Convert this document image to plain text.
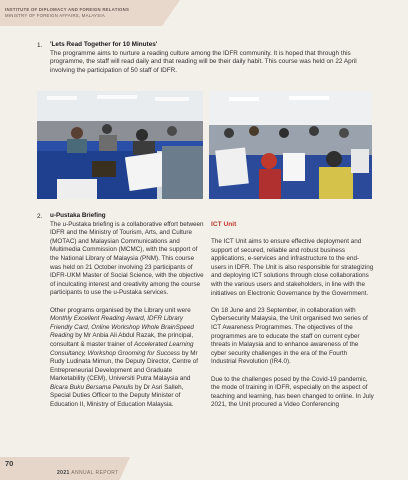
INSTITUTE OF DIPLOMACY AND FOREIGN RELATIONS
MINISTRY OF FOREIGN AFFAIRS, MALAYSIA
1. 'Lets Read Together for 10 Minutes'
The programme aims to nurture a reading culture among the IDFR community. It is hoped that through this programme, the staff will read daily and that reading will be their daily habit. This course was held on 22 April involving the participation of 50 staff of IDFR.
2. u-Pustaka Briefing

The u-Pustaka briefing is a collaborative effort between IDFR and the Ministry of Tourism, Arts, and Culture (MOTAC) and Malaysian Communications and Multimedia Commission (MCMC), with the support of the National Library of Malaysia (PNM). This course was held on 21 October involving 23 participants of IDFR-UKM Master of Social Science, with the objective of inculcating interest and creativity among the course participants to use the u-Pustaka services.

Other programs organised by the Library unit were Monthly Excellent Reading Award, IDFR Library Friendly Card, Online Workshop Whole BrainSpeed Reading by Mr Anbia Ali Abdul Razak, the principal, consultant & master trainer of Accelerated Learning Consultancy, Workshop Grooming for Success by Mr Rudy Ludinata Mimun, the Deputy Director, Centre of Entrepreneurial Development and Graduate Marketability (CEM), Universiti Putra Malaysia and Bicara Buku Bersama Penulis by Dr Asri Salleh, Special Duties Officer to the Deputy Minister of Education II, Ministry of Education Malaysia.

ICT Unit

The ICT Unit aims to ensure effective deployment and support of secured, reliable and robust business applications, e-services and infrastructure to the end-users in IDFR. The Unit is also responsible for strategizing and deploying ICT solutions through close collaborations with the various users and stakeholders, in line with the initiatives on Electronic Governance by the Government.

On 18 June and 23 September, in collaboration with Cybersecurity Malaysia, the Unit organised two series of ICT Awareness Programmes. The objectives of the programmes are to educate the staff on current cyber threats in Malaysia and to enhance awareness of the cyber security challenges in the era of the Fourth Industrial Revolution (IR4.0).

Due to the challenges posed by the Covid-19 pandemic, the mode of training in IDFR, especially on the aspect of teaching and learning, has been changed to online. In July 2021, the Unit procured a Video Conferencing

70
2021 ANNUAL REPORT
